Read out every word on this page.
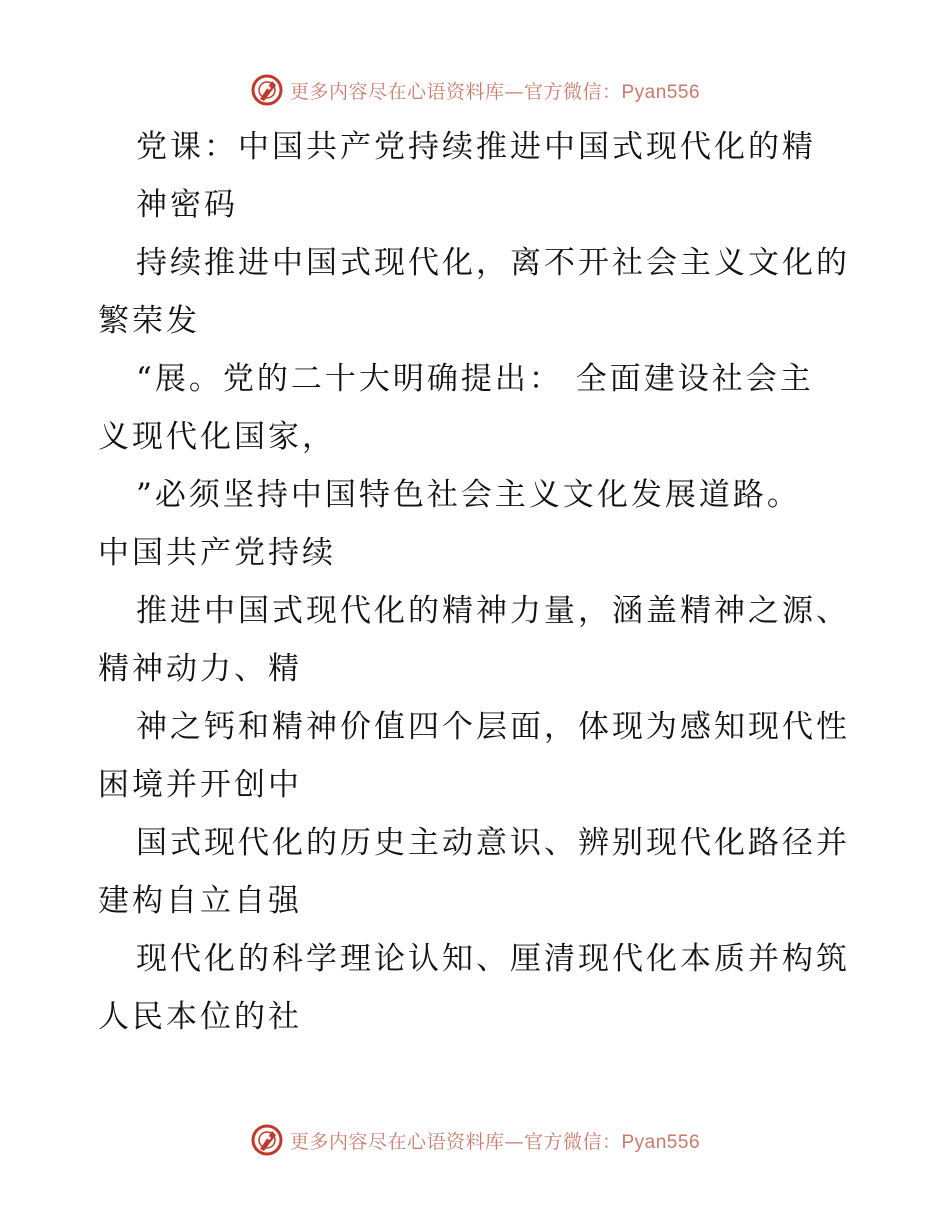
更多内容尽在心语资料库—官方微信：Pyan556
党课：中国共产党持续推进中国式现代化的精
神密码
持续推进中国式现代化，离不开社会主义文化的
繁荣发
“展。党的二十大明确提出： 全面建设社会主
义现代化国家，
”必须坚持中国特色社会主义文化发展道路。
中国共产党持续
推进中国式现代化的精神力量，涵盖精神之源、
精神动力、精
神之钙和精神价值四个层面，体现为感知现代性
困境并开创中
国式现代化的历史主动意识、辨别现代化路径并
建构自立自强
现代化的科学理论认知、厘清现代化本质并构筑
人民本位的社
更多内容尽在心语资料库—官方微信：Pyan556
